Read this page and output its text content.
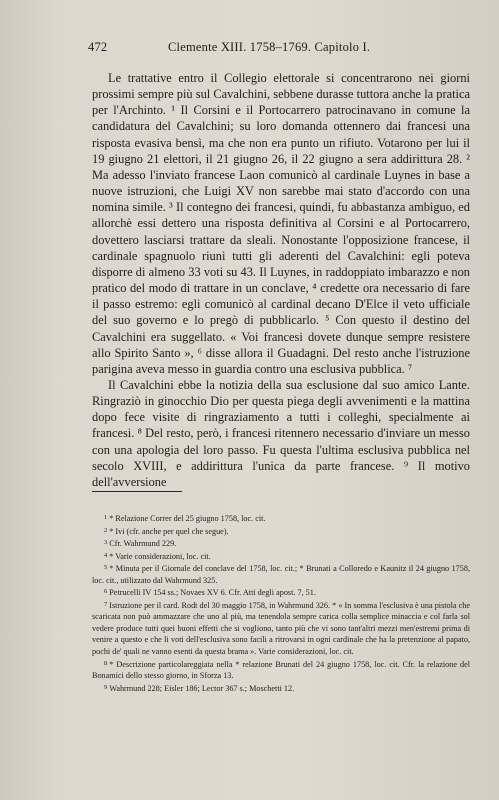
472	Clemente XIII. 1758–1769. Capitolo I.

Le trattative entro il Collegio elettorale si concentrarono nei giorni prossimi sempre più sul Cavalchini, sebbene durasse tuttora anche la pratica per l'Archinto. ¹ Il Corsini e il Portocarrero patrocinavano in comune la candidatura del Cavalchini; su loro domanda ottennero dai francesi una risposta evasiva bensì, ma che non era punto un rifiuto. Votarono per lui il 19 giugno 21 elettori, il 21 giugno 26, il 22 giugno a sera addirittura 28. ² Ma adesso l'inviato francese Laon comunicò al cardinale Luynes in base a nuove istruzioni, che Luigi XV non sarebbe mai stato d'accordo con una nomina simile. ³ Il contegno dei francesi, quindi, fu abbastanza ambiguo, ed allorchè essi dettero una risposta definitiva al Corsini e al Portocarrero, dovettero lasciarsi trattare da sleali. Nonostante l'opposizione francese, il cardinale spagnuolo riunì tutti gli aderenti del Cavalchini: egli poteva disporre di almeno 33 voti su 43. Il Luynes, in raddoppiato imbarazzo e non pratico del modo di trattare in un conclave, ⁴ credette ora necessario di fare il passo estremo: egli comunicò al cardinal decano D'Elce il veto ufficiale del suo governo e lo pregò di pubblicarlo. ⁵ Con questo il destino del Cavalchini era suggellato. « Voi francesi dovete dunque sempre resistere allo Spirito Santo », ⁶ disse allora il Guadagni. Del resto anche l'istruzione parigina aveva messo in guardia contro una esclusiva pubblica. ⁷

Il Cavalchini ebbe la notizia della sua esclusione dal suo amico Lante. Ringraziò in ginocchio Dio per questa piega degli avvenimenti e la mattina dopo fece visite di ringraziamento a tutti i colleghi, specialmente ai francesi. ⁸ Del resto, però, i francesi ritennero necessario d'inviare un messo con una apologia del loro passo. Fu questa l'ultima esclusiva pubblica nel secolo XVIII, e addirittura l'unica da parte francese. ⁹ Il motivo dell'avversione

$^1$ * Relazione Correr del 25 giugno 1758, loc. cit.

$^2$ * Ivi (cfr. anche per quel che segue).

$^3$ Cfr. Wahrmund 229.

$^4$ * Varie considerazioni, loc. cit.

$^5$ * Minuta per il Giornale del conclave del 1758, loc. cit.; * Brunati a Colloredo e Kaunitz il 24 giugno 1758, loc. cit., utilizzato dal Wahrmund 325.

$^6$ Petrucelli IV 154 ss.; Novaes XV 6. Cfr. Atti degli apost. 7, 51.

$^7$ Istruzione per il card. Rodt del 30 maggio 1758, in Wahrmund 326. * « In somma l'esclusiva è una pistola che scaricata non può ammazzare che uno al più, ma tenendola sempre carica colla semplice minaccia e col farla sol vedere produce tutti quei buoni effetti che si vogliono, tanto più che vi sono tant'altri mezzi men'estremi prima di venire a questo e che li voti dell'esclusiva sono facili a ritrovarsi in ogni cardinale che ha la pretenzione al papato, pochi de' quali ne vanno esenti da questa brama ». Varie considerazioni, loc. cit.

$^8$ * Descrizione particolareggiata nella * relazione Brunati del 24 giugno 1758, loc. cit. Cfr. la relazione del Bonamici dello stesso giorno, in Sforza 13.

$^9$ Wahrmund 228; Eisler 186; Lector 367 s.; Moschetti 12.
